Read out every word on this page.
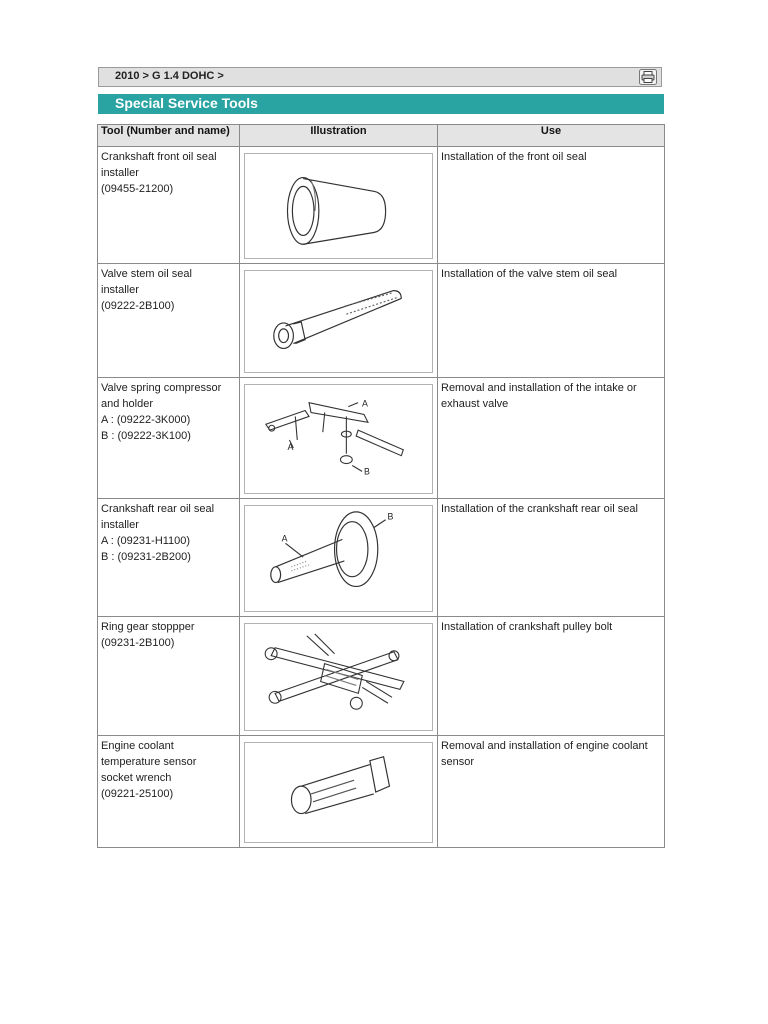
2010 > G 1.4 DOHC >
Special Service Tools
Tool (Number and name)	Illustration	Use

Crankshaft front oil seal
installer
(09455-21200)		Installation of the front oil seal

Valve stem oil seal
installer
(09222-2B100)		Installation of the valve stem oil seal

Valve spring compressor
and holder
A : (09222-3K000)
B : (09222-3K100)	A
A
B	Removal and installation of the intake or exhaust valve

Crankshaft rear oil seal
installer
A : (09231-H1100)
B : (09231-2B200)	A
B	Installation of the crankshaft rear oil seal

Ring gear stoppper
(09231-2B100)		Installation of crankshaft pulley bolt

Engine coolant
temperature sensor
socket wrench
(09221-25100)		Removal and installation of engine coolant sensor
